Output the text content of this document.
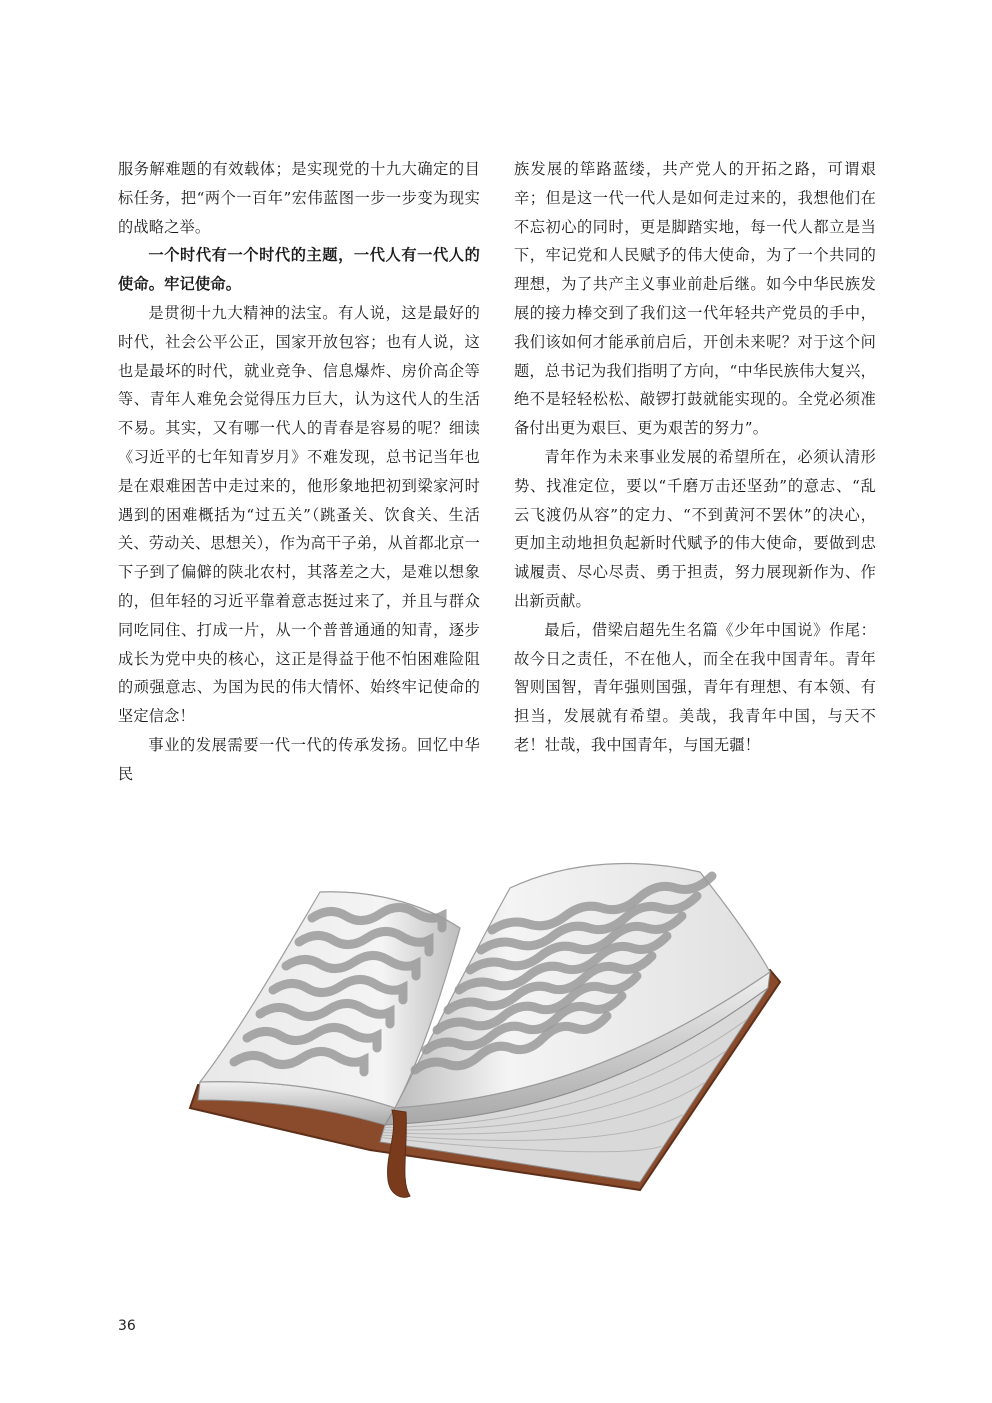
服务解难题的有效载体；是实现党的十九大确定的目标任务，把“两个一百年”宏伟蓝图一步一步变为现实的战略之举。

一个时代有一个时代的主题，一代人有一代人的使命。牢记使命。

是贯彻十九大精神的法宝。有人说，这是最好的时代，社会公平公正，国家开放包容；也有人说，这也是最坏的时代，就业竞争、信息爆炸、房价高企等等、青年人难免会觉得压力巨大，认为这代人的生活不易。其实，又有哪一代人的青春是容易的呢？细读《习近平的七年知青岁月》不难发现，总书记当年也是在艰难困苦中走过来的，他形象地把初到梁家河时遇到的困难概括为“过五关”（跳蚤关、饮食关、生活关、劳动关、思想关），作为高干子弟，从首都北京一下子到了偏僻的陕北农村，其落差之大，是难以想象的，但年轻的习近平靠着意志挺过来了，并且与群众同吃同住、打成一片，从一个普普通通的知青，逐步成长为党中央的核心，这正是得益于他不怕困难险阻的顽强意志、为国为民的伟大情怀、始终牢记使命的坚定信念！

事业的发展需要一代一代的传承发扬。回忆中华民

族发展的筚路蓝缕，共产党人的开拓之路，可谓艰辛；但是这一代一代人是如何走过来的，我想他们在不忘初心的同时，更是脚踏实地，每一代人都立是当下，牢记党和人民赋予的伟大使命，为了一个共同的理想，为了共产主义事业前赴后继。如今中华民族发展的接力棒交到了我们这一代年轻共产党员的手中，我们该如何才能承前启后，开创未来呢？对于这个问题，总书记为我们指明了方向，“中华民族伟大复兴，绝不是轻轻松松、敲锣打鼓就能实现的。全党必须准备付出更为艰巨、更为艰苦的努力”。

青年作为未来事业发展的希望所在，必须认清形势、找准定位，要以“千磨万击还坚劲”的意志、“乱云飞渡仍从容”的定力、“不到黄河不罢休”的决心，更加主动地担负起新时代赋予的伟大使命，要做到忠诚履责、尽心尽责、勇于担责，努力展现新作为、作出新贡献。

最后，借梁启超先生名篇《少年中国说》作尾：故今日之责任，不在他人，而全在我中国青年。青年智则国智，青年强则国强，青年有理想、有本领、有担当，发展就有希望。美哉，我青年中国，与天不老！壮哉，我中国青年，与国无疆！

36
